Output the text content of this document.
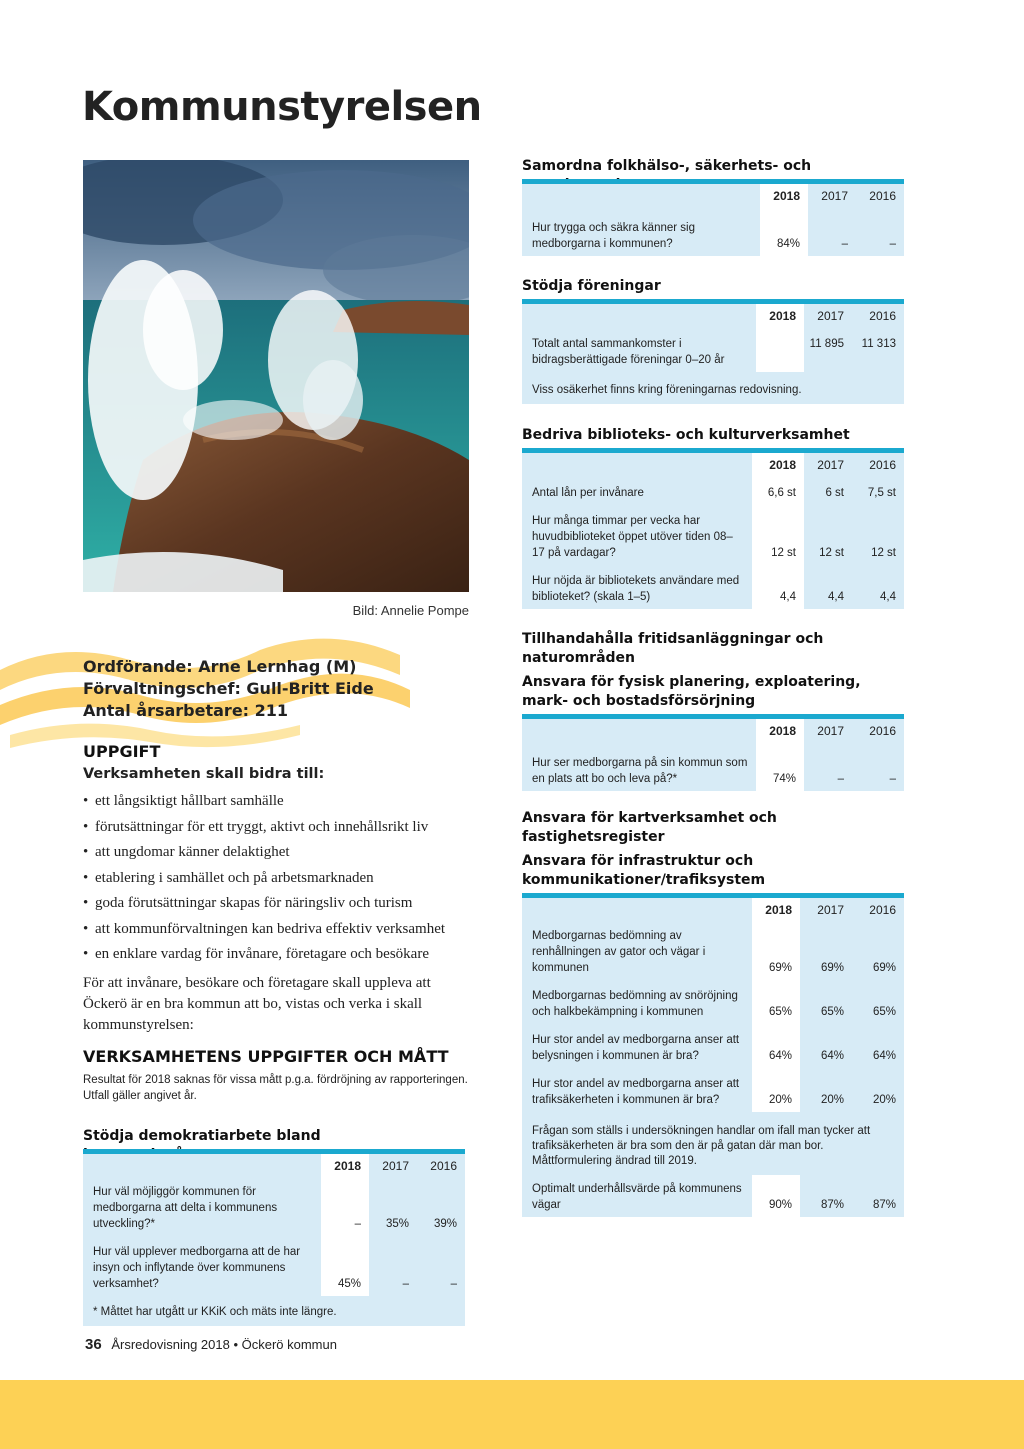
Kommunstyrelsen
Bild: Annelie Pompe
Ordförande: Arne Lernhag (M)
Förvaltningschef: Gull-Britt Eide
Antal årsarbetare: 211
UPPGIFT
Verksamheten skall bidra till:
• ett långsiktigt hållbart samhälle
• förutsättningar för ett tryggt, aktivt och innehållsrikt liv
• att ungdomar känner delaktighet
• etablering i samhället och på arbetsmarknaden
• goda förutsättningar skapas för näringsliv och turism
• att kommunförvaltningen kan bedriva effektiv verksamhet
• en enklare vardag för invånare, företagare och besökare
För att invånare, besökare och företagare skall uppleva att Öckerö är en bra kommun att bo, vistas och verka i skall kommunstyrelsen:
VERKSAMHETENS UPPGIFTER OCH MÅTT
Resultat för 2018 saknas för vissa mått p.g.a. fördröjning av rapporteringen. Utfall gäller angivet år.
Stödja demokratiarbete bland
	2018	2017	2016
Hur väl möjliggör kommunen för medborgarna att delta i kommunens utveckling?*	–	35%	39%
Hur väl upplever medborgarna att de har insyn och inflytande över kommunens verksamhet?	45%	–	–
* Måttet har utgått ur KKiK och mäts inte längre.			
Samordna folkhälso-, säkerhets- och
	2018	2017	2016
Hur trygga och säkra känner sig medborgarna i kommunen?	84%	–	–
Stödja föreningar
	2018	2017	2016
Totalt antal sammankomster i bidragsberättigade föreningar 0–20 år		11 895	11 313
Viss osäkerhet finns kring föreningarnas redovisning.			
Bedriva biblioteks- och kulturverksamhet
	2018	2017	2016
Antal lån per invånare	6,6 st	6 st	7,5 st
Hur många timmar per vecka har huvudbiblioteket öppet utöver tiden 08–17 på vardagar?	12 st	12 st	12 st
Hur nöjda är bibliotekets användare med biblioteket? (skala 1–5)	4,4	4,4	4,4
Tillhandahålla fritidsanläggningar och naturområden
Ansvara för fysisk planering, exploatering, mark- och bostadsförsörjning
	2018	2017	2016
Hur ser medborgarna på sin kommun som en plats att bo och leva på?*	74%	–	–
Ansvara för kartverksamhet och fastighetsregister
Ansvara för infrastruktur och kommunikationer/trafiksystem
	2018	2017	2016
Medborgarnas bedömning av renhållningen av gator och vägar i kommunen	69%	69%	69%
Medborgarnas bedömning av snöröjning och halkbekämpning i kommunen	65%	65%	65%
Hur stor andel av medborgarna anser att belysningen i kommunen är bra?	64%	64%	64%
Hur stor andel av medborgarna anser att trafiksäkerheten i kommunen är bra?	20%	20%	20%
Frågan som ställs i undersökningen handlar om ifall man tycker att trafiksäkerheten är bra som den är på gatan där man bor. Måttformulering ändrad till 2019.			
Optimalt underhållsvärde på kommunens vägar	90%	87%	87%
36 Årsredovisning 2018 • Öckerö kommun
